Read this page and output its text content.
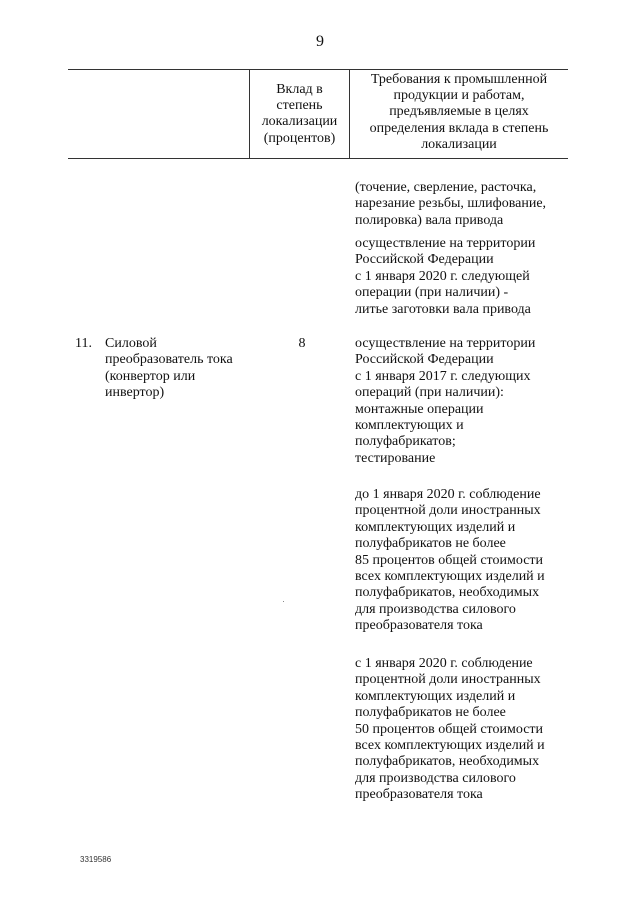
9
Вклад в
степень
локализации
(процентов)
Требования к промышленной
продукции и работам,
предъявляемые в целях
определения вклада в степень
локализации
(точение, сверление, расточка,
нарезание резьбы, шлифование,
полировка) вала привода
осуществление на территории
Российской Федерации
с 1 января 2020 г. следующей
операции (при наличии) -
литье заготовки вала привода
11. Силовой
преобразователь тока
(конвертор или
инвертор)
8	осуществление на территории
Российской Федерации
с 1 января 2017 г. следующих
операций (при наличии):
монтажные операции
комплектующих и
полуфабрикатов;
тестирование
до 1 января 2020 г. соблюдение
процентной доли иностранных
комплектующих изделий и
полуфабрикатов не более
85 процентов общей стоимости
всех комплектующих изделий и
полуфабрикатов, необходимых
для производства силового
преобразователя тока
с 1 января 2020 г. соблюдение
процентной доли иностранных
комплектующих изделий и
полуфабрикатов не более
50 процентов общей стоимости
всех комплектующих изделий и
полуфабрикатов, необходимых
для производства силового
преобразователя тока
3319586
